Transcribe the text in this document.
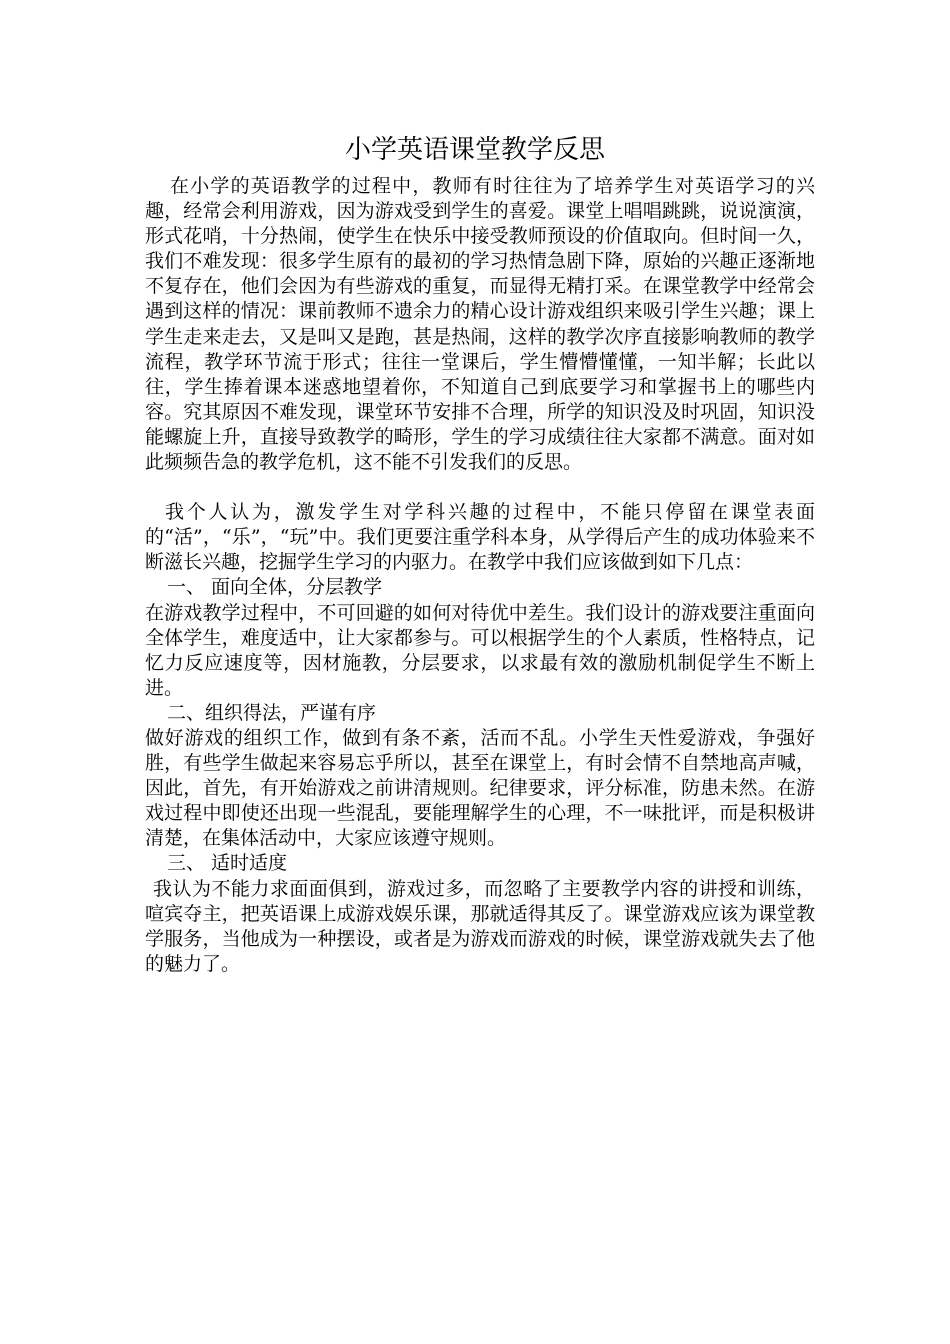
小学英语课堂教学反思

在小学的英语教学的过程中，教师有时往往为了培养学生对英语学习的兴趣，经常会利用游戏，因为游戏受到学生的喜爱。课堂上唱唱跳跳，说说演演，形式花哨，十分热闹，使学生在快乐中接受教师预设的价值取向。但时间一久，我们不难发现：很多学生原有的最初的学习热情急剧下降，原始的兴趣正逐渐地不复存在，他们会因为有些游戏的重复，而显得无精打采。在课堂教学中经常会遇到这样的情况：课前教师不遗余力的精心设计游戏组织来吸引学生兴趣；课上学生走来走去，又是叫又是跑，甚是热闹，这样的教学次序直接影响教师的教学流程，教学环节流于形式；往往一堂课后，学生懵懵懂懂，一知半解；长此以往，学生捧着课本迷惑地望着你，不知道自己到底要学习和掌握书上的哪些内容。究其原因不难发现，课堂环节安排不合理，所学的知识没及时巩固，知识没能螺旋上升，直接导致教学的畸形，学生的学习成绩往往大家都不满意。面对如此频频告急的教学危机，这不能不引发我们的反思。

我个人认为，激发学生对学科兴趣的过程中，不能只停留在课堂表面的“活”，“乐”，“玩”中。我们更要注重学科本身，从学得后产生的成功体验来不断滋长兴趣，挖掘学生学习的内驱力。在教学中我们应该做到如下几点：

一、 面向全体，分层教学

在游戏教学过程中，不可回避的如何对待优中差生。我们设计的游戏要注重面向全体学生，难度适中，让大家都参与。可以根据学生的个人素质，性格特点，记忆力反应速度等，因材施教，分层要求，以求最有效的激励机制促学生不断上进。

二、组织得法，严谨有序

做好游戏的组织工作，做到有条不紊，活而不乱。小学生天性爱游戏，争强好胜，有些学生做起来容易忘乎所以，甚至在课堂上，有时会情不自禁地高声喊，因此，首先，有开始游戏之前讲清规则。纪律要求，评分标准，防患未然。在游戏过程中即使还出现一些混乱，要能理解学生的心理，不一味批评，而是积极讲清楚，在集体活动中，大家应该遵守规则。

三、 适时适度

我认为不能力求面面俱到，游戏过多，而忽略了主要教学内容的讲授和训练，喧宾夺主，把英语课上成游戏娱乐课，那就适得其反了。课堂游戏应该为课堂教学服务，当他成为一种摆设，或者是为游戏而游戏的时候，课堂游戏就失去了他的魅力了。
